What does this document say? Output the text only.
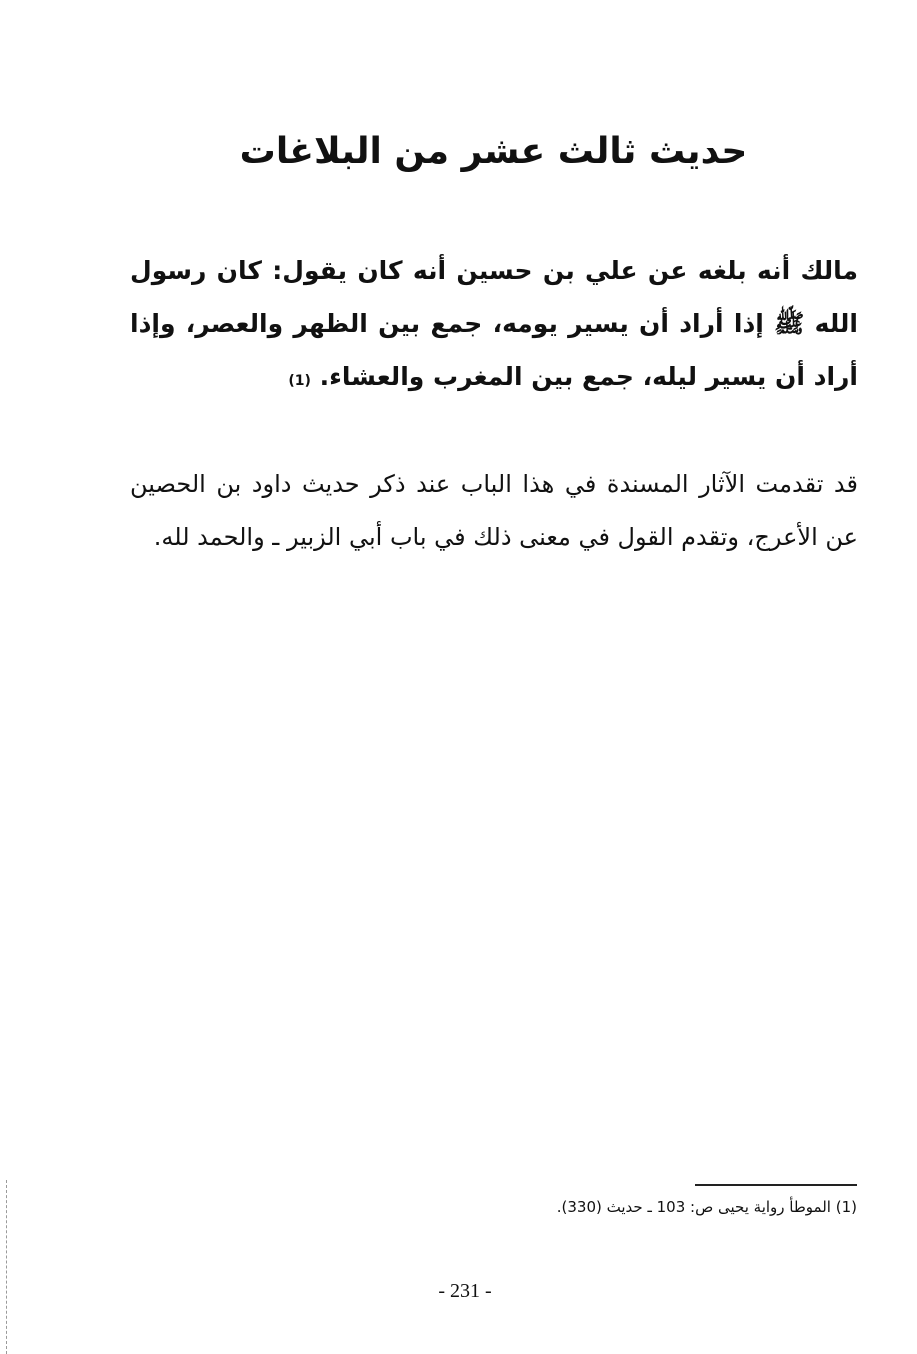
حديث ثالث عشر من البلاغات

مالك أنه بلغه عن علي بن حسين أنه كان يقول: كان رسول الله ﷺ إذا أراد أن يسير يومه، جمع بين الظهر والعصر، وإذا أراد أن يسير ليله، جمع بين المغرب والعشاء. (1)

قد تقدمت الآثار المسندة في هذا الباب عند ذكر حديث داود بن الحصين عن الأعرج، وتقدم القول في معنى ذلك في باب أبي الزبير ـ والحمد لله.

(1) الموطأ رواية يحيى ص: 103 ـ حديث (330).

- 231 -
